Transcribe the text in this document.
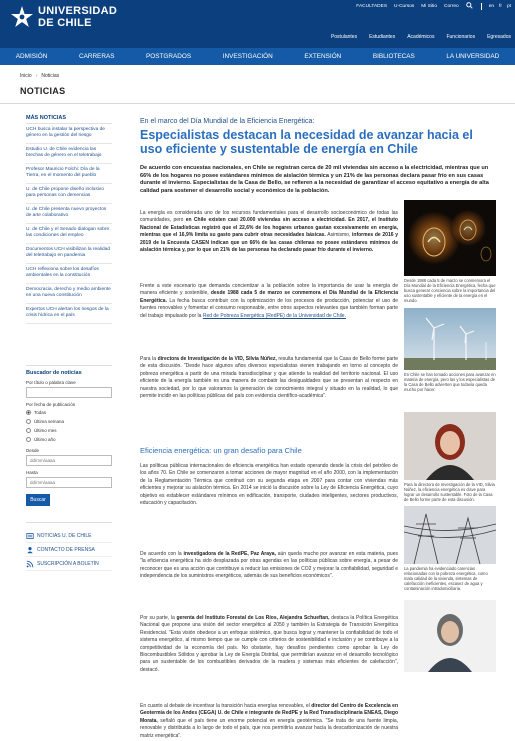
UNIVERSIDAD
DE CHILE
FACULTADES U-Cursos Mi Sitio Correo	en fr pt
Postulantes Estudiantes Académicos Funcionarios Egresados
ADMISIÓN	CARRERAS	POSTGRADOS	INVESTIGACIÓN	EXTENSIÓN	BIBLIOTECAS	LA UNIVERSIDAD
Inicio › Noticias
NOTICIAS
MÁS NOTICIAS
UCH busca instalar la perspectiva de género en la gestión del riesgo
Estudio U. de Chile evidencia las brechas de género en el teletrabajo
Profesor Mauricio Folchi: Día de la Tierra, en el momento del pueblo
U. de Chile propone diseño inclusivo para personas con demencias
U. de Chile presenta nuevo proyectos de arte colaborativo
U. de Chile y el Senado dialogan sobre las condiciones del empleo
Documentos UCH visibilizan la realidad del teletrabajo en pandemia
UCH reflexiona sobre los desafíos ambientales en la constitución
Democracia, derecho y medio ambiente en una nueva constitución
Expertos UCH alertan los riesgos de la crisis hídrica en el país
Buscador de noticias
Por título o palabra clave
Por fecha de publicación
Todas
Última semana
Último mes
Último año
Desde
dd/mm/aaaa
Hasta
dd/mm/aaaa Buscar
NOTICIAS U. DE CHILE
CONTACTO DE PRENSA
SUSCRIPCIÓN A BOLETÍN
En el marco del Día Mundial de la Eficiencia Energética:
Especialistas destacan la necesidad de avanzar hacia el uso eficiente y sustentable de energía en Chile
De acuerdo con encuestas nacionales, en Chile se registran cerca de 20 mil viviendas sin acceso a la electricidad, mientras que un 66% de los hogares no posee estándares mínimos de aislación térmica y un 21% de las personas declara pasar frío en sus casas durante el invierno. Especialistas de la Casa de Bello, se refieren a la necesidad de garantizar el acceso equitativo a energía de alta calidad para sostener el desarrollo social y económico de la población.

La energía es considerada uno de los recursos fundamentales para el desarrollo socioeconómico de todas las comunidades, pero en Chile existen casi 20.000 viviendas sin acceso a electricidad. En 2017, el Instituto Nacional de Estadísticas registró que el 22,6% de los hogares urbanos gastan excesivamente en energía, mientras que el 16,9% limita su gasto para cubrir otras necesidades básicas. Asimismo, informes de 2016 y 2019 de la Encuesta CASEN indican que un 66% de las casas chilenas no posee estándares mínimos de aislación térmica y, por lo que un 21% de las personas ha declarado pasar frío durante el invierno.

Frente a este escenario que demanda concientizar a la población sobre la importancia de usar la energía de manera eficiente y sostenible, desde 1988 cada 5 de marzo se conmemora el Día Mundial de la Eficiencia Energética. La fecha busca contribuir con la optimización de los procesos de producción, potenciar el uso de fuentes renovables y fomentar el consumo responsable, entre otros aspectos relevantes que también forman parte del trabajo impulsado por la Red de Pobreza Energética (RedPE) de la Universidad de Chile.

Para la directora de Investigación de la VID, Silvia Núñez, resulta fundamental que la Casa de Bello forme parte de esta discusión. "Desde hace algunos años diversos especialistas vienen trabajando en torno al concepto de pobreza energética a partir de una mirada transdisciplinar y que atiende la realidad del territorio nacional. El uso eficiente de la energía también es una manera de combatir las desigualdades que se presentan al respecto en nuestra sociedad, por lo que valoramos la generación de conocimiento integral y situado en la realidad, lo que permite incidir en las políticas públicas del país con evidencia científico-académica".

Eficiencia energética: un gran desafío para Chile

Las políticas públicas internacionales de eficiencia energética han estado operando desde la crisis del petróleo de los años 70. En Chile se comenzaron a tomar acciones de mayor magnitud en el año 2000, con la implementación de la Reglamentación Térmica que continuó con su segunda etapa en 2007 para contar con viviendas más eficientes y mejorar su aislación térmica. En 2014 se inició la discusión sobre la Ley de Eficiencia Energética, cuyo objetivo es establecer estándares mínimos en edificación, transporte, ciudades inteligentes, sectores productivos, educación y capacitación.

De acuerdo con la investigadora de la RedPE, Paz Araya, aún queda mucho por avanzar en esta materia, pues "la eficiencia energética ha sido desplazada por otras agendas en las políticas públicas sobre energía, a pesar de reconocer que es una acción que contribuye a reducir las emisiones de CO2 y mejorar la confiabilidad, seguridad e independencia de los suministros energéticos, además de sus beneficios económicos".

Por su parte, la gerenta del Instituto Forestal de Los Ríos, Alejandra Schueftan, destaca la Política Energética Nacional que propone una visión del sector energético al 2050 y también la Estrategia de Transición Energética Residencial. "Esta visión obedece a un enfoque sistémico, que busca lograr y mantener la confiabilidad de todo el sistema energético, al mismo tiempo que se cumple con criterios de sostenibilidad e inclusión y se contribuye a la competitividad de la economía del país. No obstante, hay desafíos pendientes como aprobar la Ley de Biocombustibles Sólidos y aprobar la Ley de Energía Distrital, que permitirían avanzar en el desarrollo tecnológico para un sustentable de los combustibles derivados de la madera y sistemas más eficientes de calefacción", destacó.

En cuanto al debate de incentivar la transición hacia energías renovables, el director del Centro de Excelencia en Geotermia de los Andes (CEGA) U. de Chile e integrante de RedPE y la Red Transdisciplinaria ENEAS, Diego Morata, señaló que el país tiene un enorme potencial en energía geotérmica. "Se trata de una fuente limpia, renovable y distribuida a lo largo de todo el país, que nos permitiría avanzar hacia la descarbonización de nuestra matriz energética".

Desde 1988 cada 5 de marzo se conmemora el Día Mundial de la Eficiencia Energética, fecha que busca generar conciencia sobre la importancia del uso sustentable y eficiente de la energía en el mundo.
En Chile se han tomado acciones para avanzar en materia de energía, pero las y los especialistas de la Casa de Bello advierten que todavía queda mucho por hacer.
Para la directora de Investigación de la VID, Silvia Núñez, la eficiencia energética es clave para lograr un desarrollo sustentable. Foto de la Casa de Bello forme parte de esta discusión.
La pandemia ha evidenciado carencias relacionadas con la pobreza energética, como mala calidad de la vivienda, sistemas de calefacción ineficientes, escasez de agua y contaminación intradomiciliaria.
